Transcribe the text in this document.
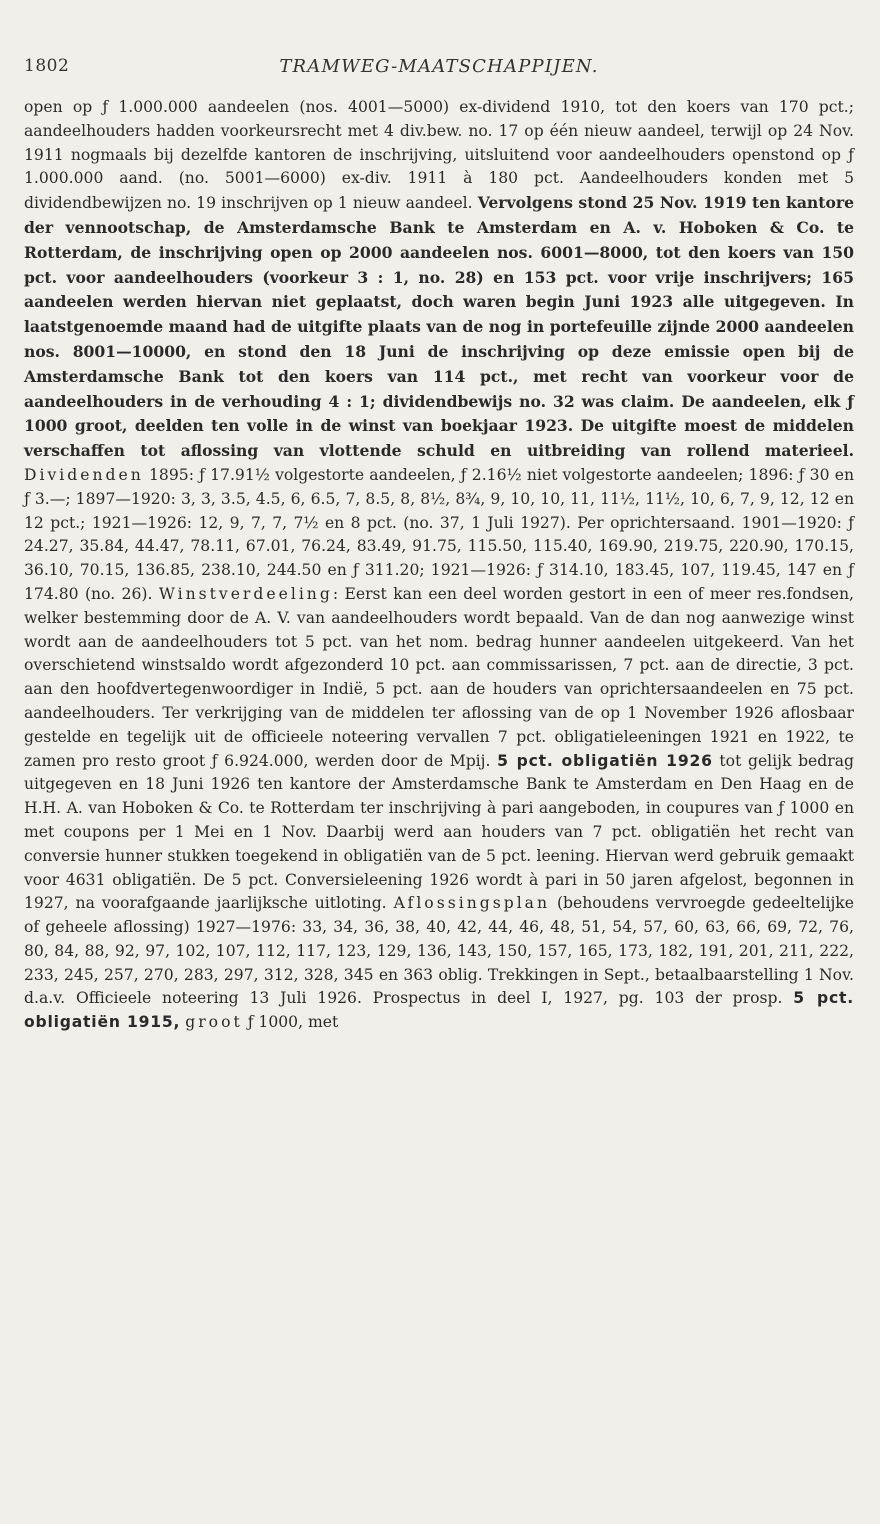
1802	TRAMWEG-MAATSCHAPPIJEN.

open op ƒ 1.000.000 aandeelen (nos. 4001—5000) ex-dividend 1910, tot den koers van 170 pct.; aandeelhouders hadden voorkeursrecht met 4 div.bew. no. 17 op één nieuw aandeel, terwijl op 24 Nov. 1911 nogmaals bij dezelfde kantoren de inschrijving, uitsluitend voor aandeelhouders openstond op ƒ 1.000.000 aand. (no. 5001—6000) ex-div. 1911 à 180 pct. Aandeelhouders konden met 5 dividendbewijzen no. 19 inschrijven op 1 nieuw aandeel. Vervolgens stond 25 Nov. 1919 ten kantore der vennootschap, de Amsterdamsche Bank te Amsterdam en A. v. Hoboken & Co. te Rotterdam, de inschrijving open op 2000 aandeelen nos. 6001—8000, tot den koers van 150 pct. voor aandeelhouders (voorkeur 3 : 1, no. 28) en 153 pct. voor vrije inschrijvers; 165 aandeelen werden hiervan niet geplaatst, doch waren begin Juni 1923 alle uitgegeven. In laatstgenoemde maand had de uitgifte plaats van de nog in portefeuille zijnde 2000 aandeelen nos. 8001—10000, en stond den 18 Juni de inschrijving op deze emissie open bij de Amsterdamsche Bank tot den koers van 114 pct., met recht van voorkeur voor de aandeelhouders in de verhouding 4 : 1; dividendbewijs no. 32 was claim. De aandeelen, elk ƒ 1000 groot, deelden ten volle in de winst van boekjaar 1923. De uitgifte moest de middelen verschaffen tot aflossing van vlottende schuld en uitbreiding van rollend materieel. Dividenden 1895: ƒ 17.91½ volgestorte aandeelen, ƒ 2.16½ niet volgestorte aandeelen; 1896: ƒ 30 en ƒ 3.—; 1897—1920: 3, 3, 3.5, 4.5, 6, 6.5, 7, 8.5, 8, 8½, 8¾, 9, 10, 10, 11, 11½, 11½, 10, 6, 7, 9, 12, 12 en 12 pct.; 1921—1926: 12, 9, 7, 7, 7½ en 8 pct. (no. 37, 1 Juli 1927). Per oprichtersaand. 1901—1920: ƒ 24.27, 35.84, 44.47, 78.11, 67.01, 76.24, 83.49, 91.75, 115.50, 115.40, 169.90, 219.75, 220.90, 170.15, 36.10, 70.15, 136.85, 238.10, 244.50 en ƒ 311.20; 1921—1926: ƒ 314.10, 183.45, 107, 119.45, 147 en ƒ 174.80 (no. 26). Winstverdeeling: Eerst kan een deel worden gestort in een of meer res.fondsen, welker bestemming door de A. V. van aandeelhouders wordt bepaald. Van de dan nog aanwezige winst wordt aan de aandeelhouders tot 5 pct. van het nom. bedrag hunner aandeelen uitgekeerd. Van het overschietend winstsaldo wordt afgezonderd 10 pct. aan commissarissen, 7 pct. aan de directie, 3 pct. aan den hoofdvertegenwoordiger in Indië, 5 pct. aan de houders van oprichtersaandeelen en 75 pct. aandeelhouders. Ter verkrijging van de middelen ter aflossing van de op 1 November 1926 aflosbaar gestelde en tegelijk uit de officieele noteering vervallen 7 pct. obligatieleeningen 1921 en 1922, te zamen pro resto groot ƒ 6.924.000, werden door de Mpij. 5 pct. obligatiën 1926 tot gelijk bedrag uitgegeven en 18 Juni 1926 ten kantore der Amsterdamsche Bank te Amsterdam en Den Haag en de H.H. A. van Hoboken & Co. te Rotterdam ter inschrijving à pari aangeboden, in coupures van ƒ 1000 en met coupons per 1 Mei en 1 Nov. Daarbij werd aan houders van 7 pct. obligatiën het recht van conversie hunner stukken toegekend in obligatiën van de 5 pct. leening. Hiervan werd gebruik gemaakt voor 4631 obligatiën. De 5 pct. Conversieleening 1926 wordt à pari in 50 jaren afgelost, begonnen in 1927, na voorafgaande jaarlijksche uitloting. Aflossingsplan (behoudens vervroegde gedeeltelijke of geheele aflossing) 1927—1976: 33, 34, 36, 38, 40, 42, 44, 46, 48, 51, 54, 57, 60, 63, 66, 69, 72, 76, 80, 84, 88, 92, 97, 102, 107, 112, 117, 123, 129, 136, 143, 150, 157, 165, 173, 182, 191, 201, 211, 222, 233, 245, 257, 270, 283, 297, 312, 328, 345 en 363 oblig. Trekkingen in Sept., betaalbaarstelling 1 Nov. d.a.v. Officieele noteering 13 Juli 1926. Prospectus in deel I, 1927, pg. 103 der prosp. 5 pct. obligatiën 1915, groot ƒ 1000, met
